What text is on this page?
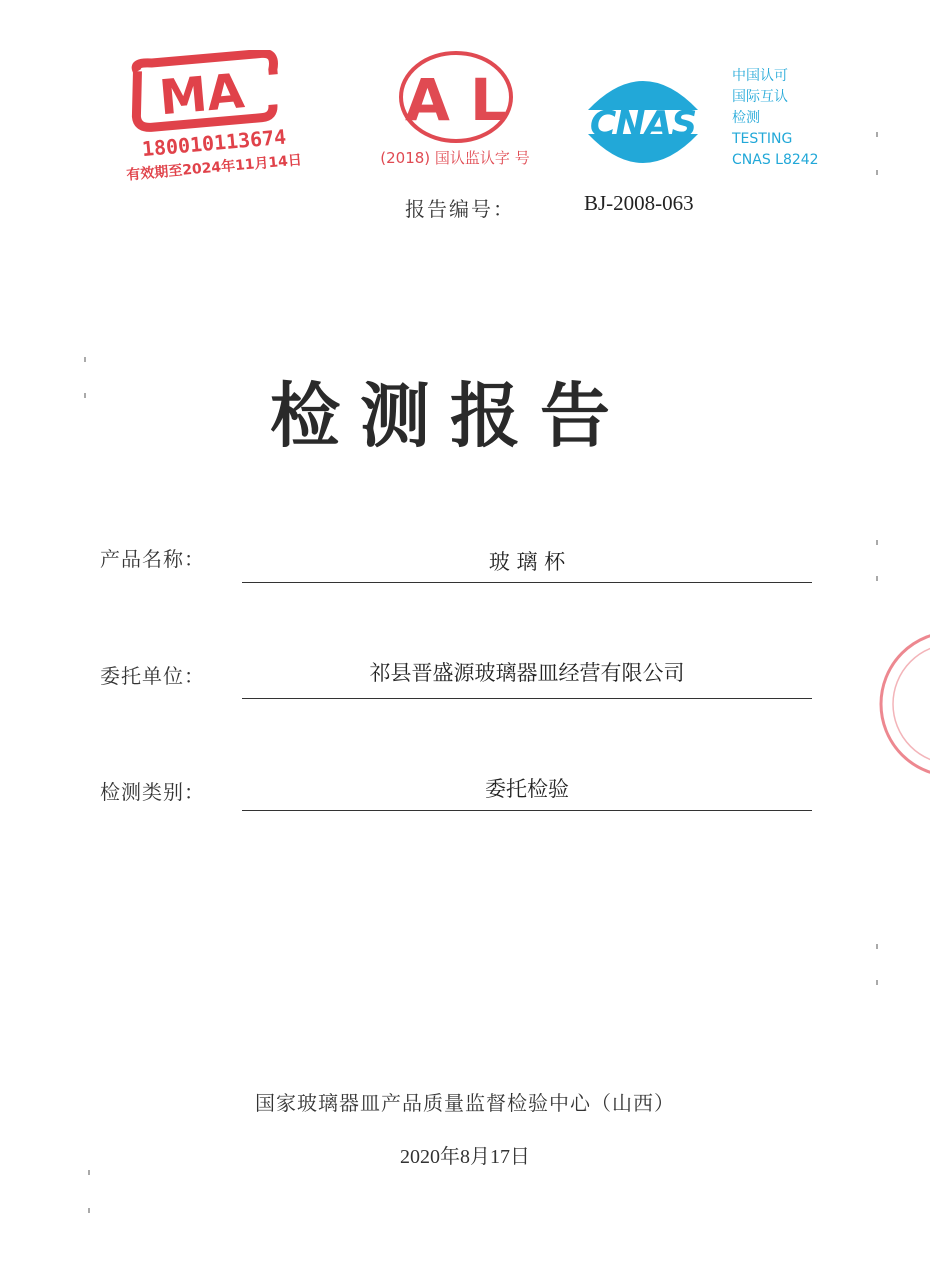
MA
180010113674
有效期至2024年11月14日
A L
(2018) 国认监认字 号
CNAS
中国认可
国际互认
检测
TESTING
CNAS L8242
报告编号：	BJ-2008-063
检测报告
产品名称：	玻 璃 杯
委托单位：	祁县晋盛源玻璃器皿经营有限公司
检测类别：	委托检验
国家玻璃器皿产品质量监督检验中心（山西）
2020年8月17日
